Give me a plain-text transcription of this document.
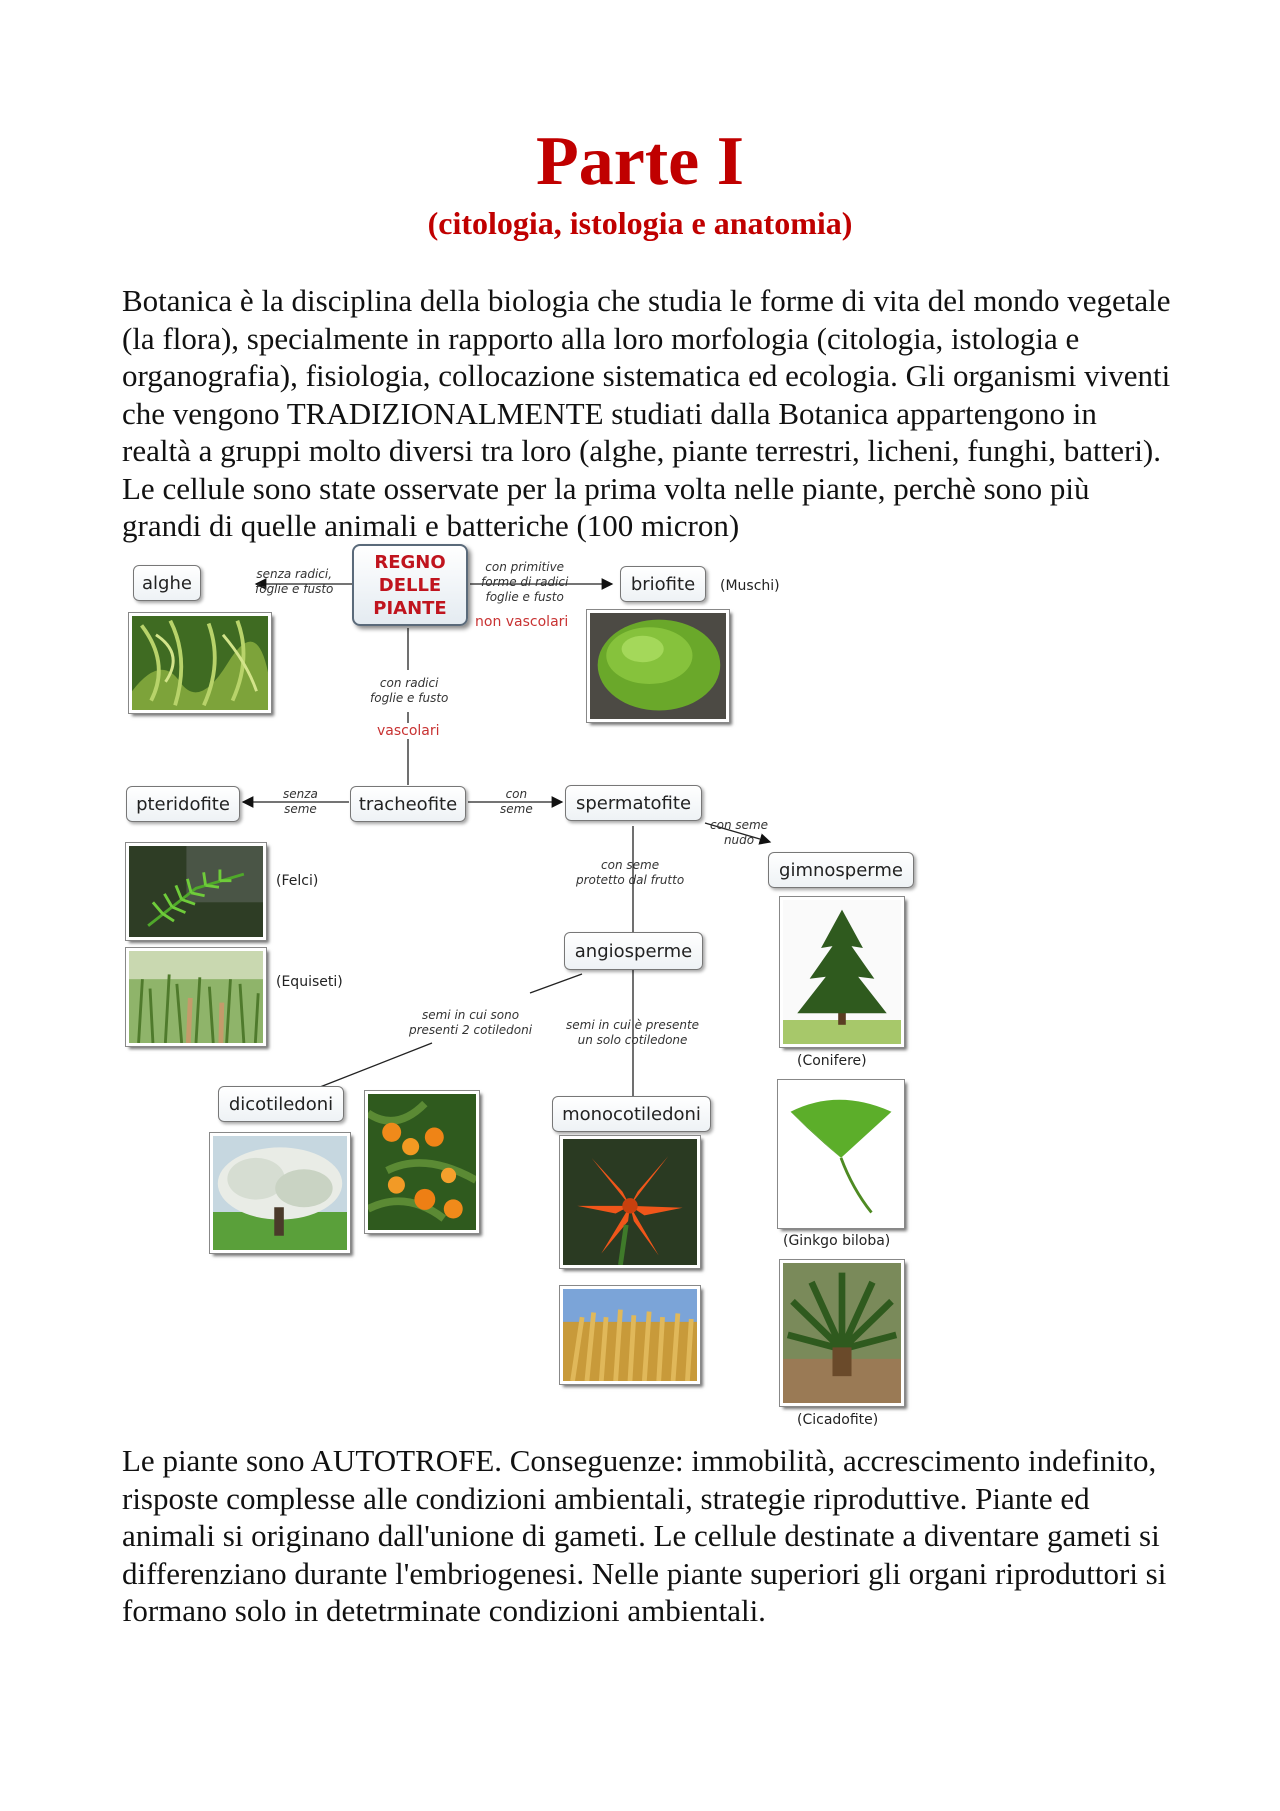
Parte I
(citologia, istologia e anatomia)

Botanica è la disciplina della biologia che studia le forme di vita del mondo vegetale (la flora), specialmente in rapporto alla loro morfologia (citologia, istologia e organografia), fisiologia, collocazione sistematica ed ecologia. Gli organismi viventi che vengono TRADIZIONALMENTE studiati dalla Botanica appartengono in realtà a gruppi molto diversi tra loro (alghe, piante terrestri, licheni, funghi, batteri). Le cellule sono state osservate per la prima volta nelle piante, perchè sono più grandi di quelle animali e batteriche (100 micron)

REGNO
DELLE
PIANTE
alghe	briofite
pteridofite	tracheofite	spermatofite
gimnosperme
angiosperme
dicotiledoni	monocotiledoni
senza radici,
foglie e fusto
con primitive
forme di radici
foglie e fusto
con radici
foglie e fusto
senza
seme
con
seme
con seme
nudo
con seme
protetto dal frutto
semi in cui sono
presenti 2 cotiledoni	semi in cui è presente
un solo cotiledone
non vascolari
vascolari
(Muschi)
(Felci)
(Equiseti)
(Conifere)
(Ginkgo biloba)
(Cicadofite)

Le piante sono AUTOTROFE. Conseguenze: immobilità, accrescimento indefinito, risposte complesse alle condizioni ambientali, strategie riproduttive. Piante ed animali si originano dall'unione di gameti. Le cellule destinate a diventare gameti si differenziano durante l'embriogenesi. Nelle piante superiori gli organi riproduttori si formano solo in detetrminate condizioni ambientali.
